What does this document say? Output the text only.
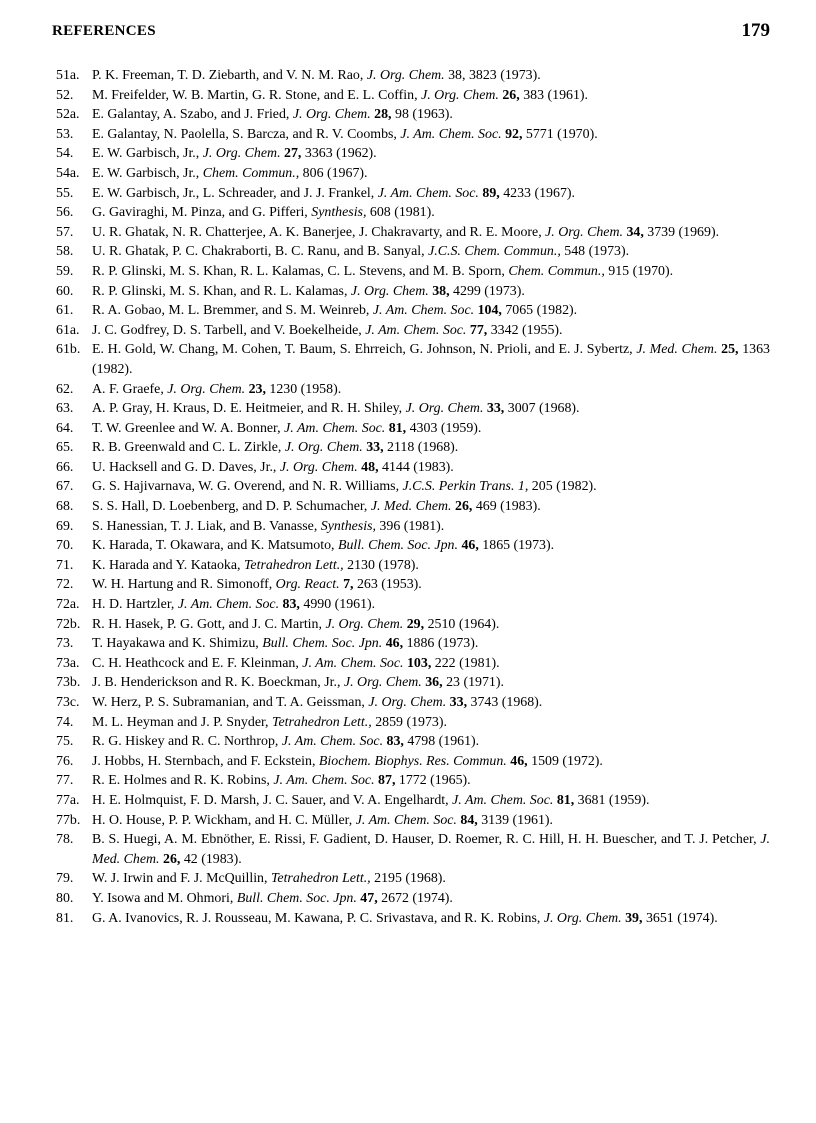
REFERENCES	179
51a. P. K. Freeman, T. D. Ziebarth, and V. N. M. Rao, J. Org. Chem. 38, 3823 (1973).
52. M. Freifelder, W. B. Martin, G. R. Stone, and E. L. Coffin, J. Org. Chem. 26, 383 (1961).
52a. E. Galantay, A. Szabo, and J. Fried, J. Org. Chem. 28, 98 (1963).
53. E. Galantay, N. Paolella, S. Barcza, and R. V. Coombs, J. Am. Chem. Soc. 92, 5771 (1970).
54. E. W. Garbisch, Jr., J. Org. Chem. 27, 3363 (1962).
54a. E. W. Garbisch, Jr., Chem. Commun., 806 (1967).
55. E. W. Garbisch, Jr., L. Schreader, and J. J. Frankel, J. Am. Chem. Soc. 89, 4233 (1967).
56. G. Gaviraghi, M. Pinza, and G. Pifferi, Synthesis, 608 (1981).
57. U. R. Ghatak, N. R. Chatterjee, A. K. Banerjee, J. Chakravarty, and R. E. Moore, J. Org. Chem. 34, 3739 (1969).
58. U. R. Ghatak, P. C. Chakraborti, B. C. Ranu, and B. Sanyal, J.C.S. Chem. Commun., 548 (1973).
59. R. P. Glinski, M. S. Khan, R. L. Kalamas, C. L. Stevens, and M. B. Sporn, Chem. Commun., 915 (1970).
60. R. P. Glinski, M. S. Khan, and R. L. Kalamas, J. Org. Chem. 38, 4299 (1973).
61. R. A. Gobao, M. L. Bremmer, and S. M. Weinreb, J. Am. Chem. Soc. 104, 7065 (1982).
61a. J. C. Godfrey, D. S. Tarbell, and V. Boekelheide, J. Am. Chem. Soc. 77, 3342 (1955).
61b. E. H. Gold, W. Chang, M. Cohen, T. Baum, S. Ehrreich, G. Johnson, N. Prioli, and E. J. Sybertz, J. Med. Chem. 25, 1363 (1982).
62. A. F. Graefe, J. Org. Chem. 23, 1230 (1958).
63. A. P. Gray, H. Kraus, D. E. Heitmeier, and R. H. Shiley, J. Org. Chem. 33, 3007 (1968).
64. T. W. Greenlee and W. A. Bonner, J. Am. Chem. Soc. 81, 4303 (1959).
65. R. B. Greenwald and C. L. Zirkle, J. Org. Chem. 33, 2118 (1968).
66. U. Hacksell and G. D. Daves, Jr., J. Org. Chem. 48, 4144 (1983).
67. G. S. Hajivarnava, W. G. Overend, and N. R. Williams, J.C.S. Perkin Trans. 1, 205 (1982).
68. S. S. Hall, D. Loebenberg, and D. P. Schumacher, J. Med. Chem. 26, 469 (1983).
69. S. Hanessian, T. J. Liak, and B. Vanasse, Synthesis, 396 (1981).
70. K. Harada, T. Okawara, and K. Matsumoto, Bull. Chem. Soc. Jpn. 46, 1865 (1973).
71. K. Harada and Y. Kataoka, Tetrahedron Lett., 2130 (1978).
72. W. H. Hartung and R. Simonoff, Org. React. 7, 263 (1953).
72a. H. D. Hartzler, J. Am. Chem. Soc. 83, 4990 (1961).
72b. R. H. Hasek, P. G. Gott, and J. C. Martin, J. Org. Chem. 29, 2510 (1964).
73. T. Hayakawa and K. Shimizu, Bull. Chem. Soc. Jpn. 46, 1886 (1973).
73a. C. H. Heathcock and E. F. Kleinman, J. Am. Chem. Soc. 103, 222 (1981).
73b. J. B. Henderickson and R. K. Boeckman, Jr., J. Org. Chem. 36, 23 (1971).
73c. W. Herz, P. S. Subramanian, and T. A. Geissman, J. Org. Chem. 33, 3743 (1968).
74. M. L. Heyman and J. P. Snyder, Tetrahedron Lett., 2859 (1973).
75. R. G. Hiskey and R. C. Northrop, J. Am. Chem. Soc. 83, 4798 (1961).
76. J. Hobbs, H. Sternbach, and F. Eckstein, Biochem. Biophys. Res. Commun. 46, 1509 (1972).
77. R. E. Holmes and R. K. Robins, J. Am. Chem. Soc. 87, 1772 (1965).
77a. H. E. Holmquist, F. D. Marsh, J. C. Sauer, and V. A. Engelhardt, J. Am. Chem. Soc. 81, 3681 (1959).
77b. H. O. House, P. P. Wickham, and H. C. Müller, J. Am. Chem. Soc. 84, 3139 (1961).
78. B. S. Huegi, A. M. Ebnöther, E. Rissi, F. Gadient, D. Hauser, D. Roemer, R. C. Hill, H. H. Buescher, and T. J. Petcher, J. Med. Chem. 26, 42 (1983).
79. W. J. Irwin and F. J. McQuillin, Tetrahedron Lett., 2195 (1968).
80. Y. Isowa and M. Ohmori, Bull. Chem. Soc. Jpn. 47, 2672 (1974).
81. G. A. Ivanovics, R. J. Rousseau, M. Kawana, P. C. Srivastava, and R. K. Robins, J. Org. Chem. 39, 3651 (1974).
